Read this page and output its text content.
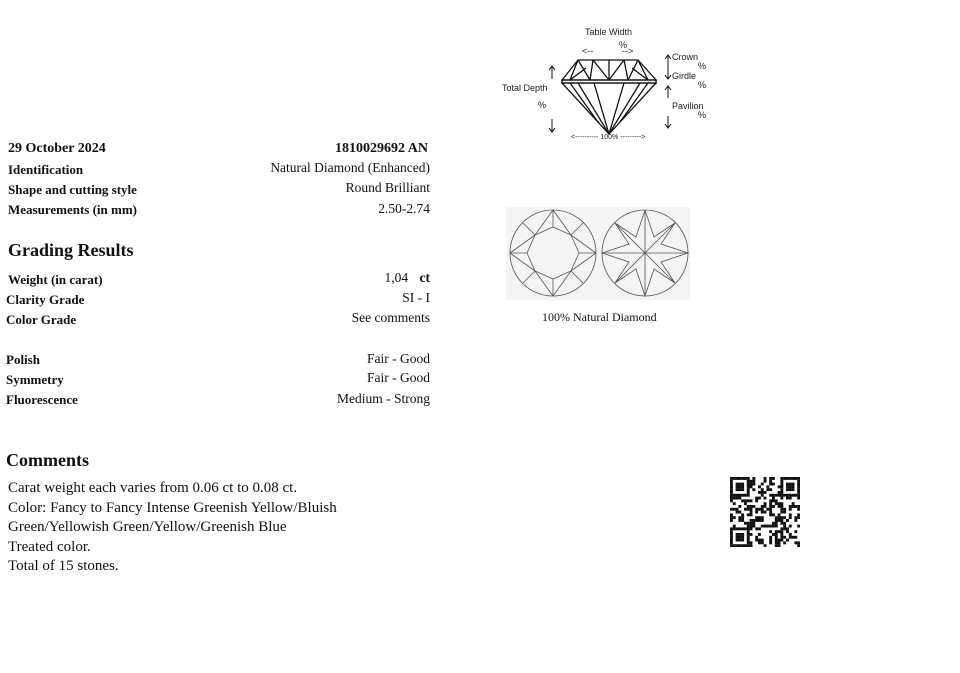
29 October 2024	1810029692 AN
Identification	Natural Diamond (Enhanced)
Shape and cutting style	Round Brilliant
Measurements (in mm)	2.50-2.74
Grading Results
Weight (in carat)	1,04 ct
Clarity Grade	SI - I
Color Grade	See comments
Polish	Fair - Good
Symmetry	Fair - Good
Fluorescence	Medium - Strong
Comments
Carat weight each varies from 0.06 ct to 0.08 ct.
Color: Fancy to Fancy Intense Greenish Yellow/Bluish
Green/Yellowish Green/Yellow/Greenish Blue
Treated color.
Total of 15 stones.
Table Width
%
<--	-->
Crown
%
Girdle
%
Pavilion
%
Total Depth
%
<---------- 100% --------->
100% Natural Diamond
